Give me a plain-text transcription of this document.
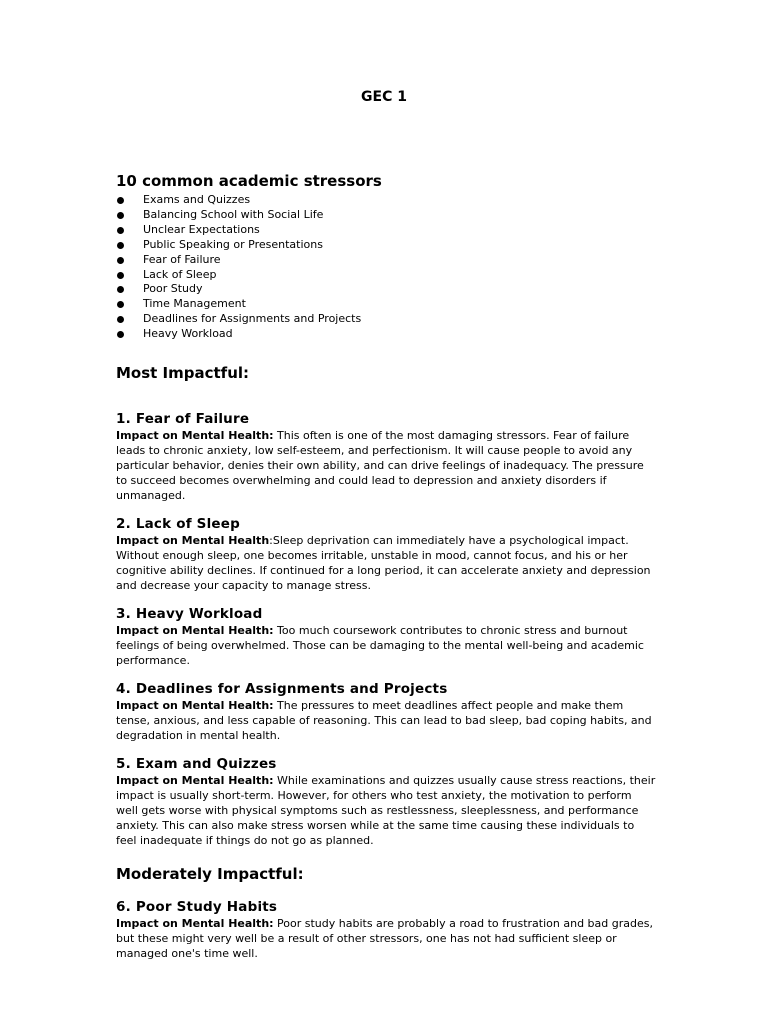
GEC 1
10 common academic stressors
Exams and Quizzes
Balancing School with Social Life
Unclear Expectations
Public Speaking or Presentations
Fear of Failure
Lack of Sleep
Poor Study
Time Management
Deadlines for Assignments and Projects
Heavy Workload
Most Impactful:
1. Fear of Failure

Impact on Mental Health: This often is one of the most damaging stressors. Fear of failure leads to chronic anxiety, low self-esteem, and perfectionism. It will cause people to avoid any particular behavior, denies their own ability, and can drive feelings of inadequacy. The pressure to succeed becomes overwhelming and could lead to depression and anxiety disorders if unmanaged.

2. Lack of Sleep

Impact on Mental Health:Sleep deprivation can immediately have a psychological impact. Without enough sleep, one becomes irritable, unstable in mood, cannot focus, and his or her cognitive ability declines. If continued for a long period, it can accelerate anxiety and depression and decrease your capacity to manage stress.

3. Heavy Workload

Impact on Mental Health: Too much coursework contributes to chronic stress and burnout feelings of being overwhelmed. Those can be damaging to the mental well-being and academic performance.

4. Deadlines for Assignments and Projects

Impact on Mental Health: The pressures to meet deadlines affect people and make them tense, anxious, and less capable of reasoning. This can lead to bad sleep, bad coping habits, and degradation in mental health.

5. Exam and Quizzes

Impact on Mental Health: While examinations and quizzes usually cause stress reactions, their impact is usually short-term. However, for others who test anxiety, the motivation to perform well gets worse with physical symptoms such as restlessness, sleeplessness, and performance anxiety. This can also make stress worsen while at the same time causing these individuals to feel inadequate if things do not go as planned.

Moderately Impactful:
6. Poor Study Habits

Impact on Mental Health: Poor study habits are probably a road to frustration and bad grades, but these might very well be a result of other stressors, one has not had sufficient sleep or managed one's time well.
